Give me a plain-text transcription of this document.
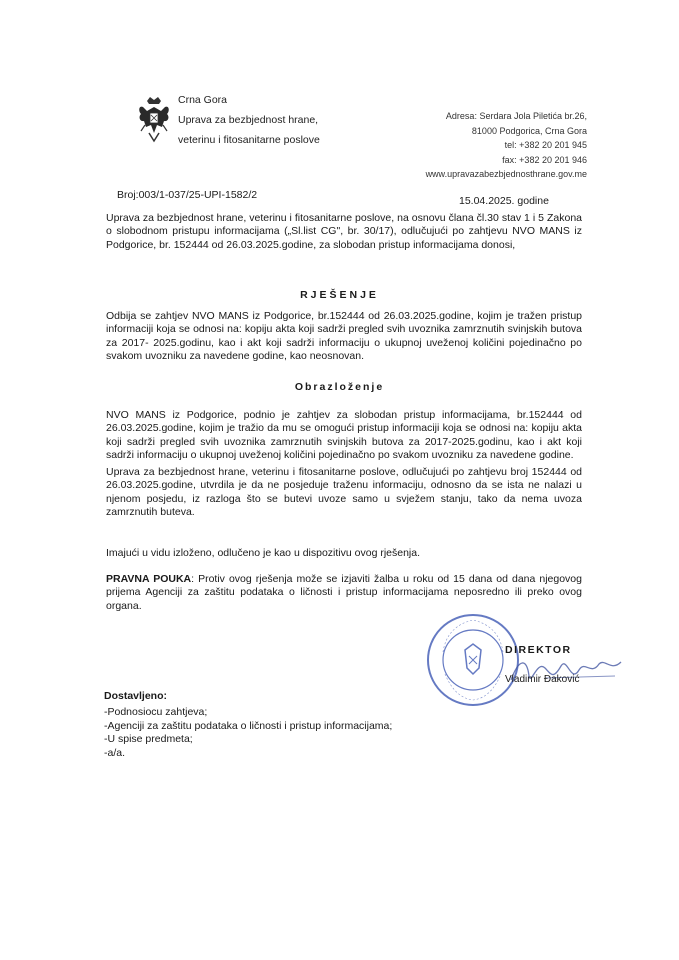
Crna Gora
Uprava za bezbjednost hrane,
veterinu i fitosanitarne poslove
Adresa: Serdara Jola Piletića br.26,
81000 Podgorica, Crna Gora
tel: +382 20 201 945
fax: +382 20 201 946
www.upravazabezbjednosthrane.gov.me
Broj:003/1-037/25-UPI-1582/2	15.04.2025. godine
Uprava za bezbjednost hrane, veterinu i fitosanitarne poslove, na osnovu člana čl.30 stav 1 i 5 Zakona o slobodnom pristupu informacijama („Sl.list CG", br. 30/17), odlučujući po zahtjevu NVO MANS iz Podgorice, br. 152444 od 26.03.2025.godine, za slobodan pristup informacijama donosi,
RJEŠENJE
Odbija se zahtjev NVO MANS iz Podgorice, br.152444 od 26.03.2025.godine, kojim je tražen pristup informaciji koja se odnosi na: kopiju akta koji sadrži pregled svih uvoznika zamrznutih svinjskih butova za 2017- 2025.godinu, kao i akt koji sadrži informaciju o ukupnoj uveženoj količini pojedinačno po svakom uvozniku za navedene godine, kao neosnovan.
Obrazloženje
NVO MANS iz Podgorice, podnio je zahtjev za slobodan pristup informacijama, br.152444 od 26.03.2025.godine, kojim je tražio da mu se omogući pristup informaciji koja se odnosi na: kopiju akta koji sadrži pregled svih uvoznika zamrznutih svinjskih butova za 2017-2025.godinu, kao i akt koji sadrži informaciju o ukupnoj uveženoj količini pojedinačno po svakom uvozniku za navedene godine.
Uprava za bezbjednost hrane, veterinu i fitosanitarne poslove, odlučujući po zahtjevu broj 152444 od 26.03.2025.godine, utvrdila je da ne posjeduje traženu informaciju, odnosno da se ista ne nalazi u njenom posjedu, iz razloga što se butevi uvoze samo u svježem stanju, tako da nema uvoza zamrznutih buteva.
Imajući u vidu izloženo, odlučeno je kao u dispozitivu ovog rješenja.
PRAVNA POUKA: Protiv ovog rješenja može se izjaviti žalba u roku od 15 dana od dana njegovog prijema Agenciji za zaštitu podataka o ličnosti i pristup informacijama neposredno ili preko ovog organa.
DIREKTOR
Vladimir Đaković
Dostavljeno:
-Podnosiocu zahtjeva;
-Agenciji za zaštitu podataka o ličnosti i pristup informacijama;
-U spise predmeta;
-a/a.
